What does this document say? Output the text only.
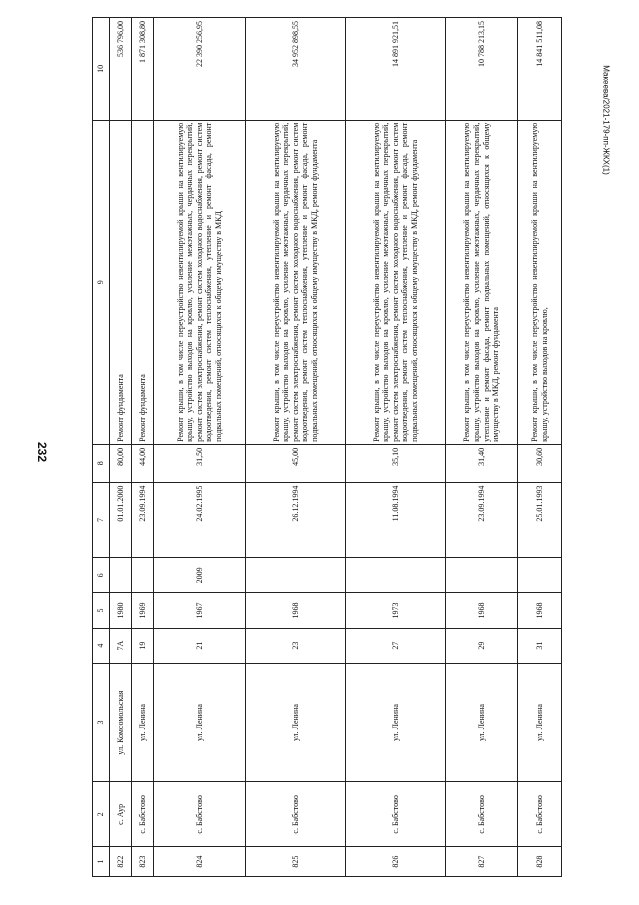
232
Макеева/2021-179-пп-ЖКХ(1)
1	2	3	4	5	6	7	8	9	10
822	с. Аур	ул. Комсомольская	7А	1980		01.01.2000	80,00	Ремонт фундамента	536 796,00
823	с. Бабстово	ул. Ленина	19	1969		23.09.1994	44,00	Ремонт фундамента	1 871 308,80
824	с. Бабстово	ул. Ленина	21	1967	2009	24.02.1995	31,50	Ремонт крыши, в том числе переустройство невентилируемой крыши на вентилируемую крышу, устройство выходов на кровлю, усиление межэтажных, чердачных перекрытий, ремонт систем электроснабжения, ремонт систем холодного водоснабжения, ремонт систем водоотведения, ремонт систем теплоснабжения, утепление и ремонт фасада, ремонт подвальных помещений, относящихся к общему имуществу в МКД	22 390 256,95
825	с. Бабстово	ул. Ленина	23	1968		26.12.1994	45,00	Ремонт крыши, в том числе переустройство невентилируемой крыши на вентилируемую крышу, устройство выходов на кровлю, усиление межэтажных, чердачных перекрытий, ремонт систем электроснабжения, ремонт систем холодного водоснабжения, ремонт систем водоотведения, ремонт систем теплоснабжения, утепление и ремонт фасада, ремонт подвальных помещений, относящихся к общему имуществу в МКД, ремонт фундамента	34 952 898,55
826	с. Бабстово	ул. Ленина	27	1973		11.08.1994	35,10	Ремонт крыши, в том числе переустройство невентилируемой крыши на вентилируемую крышу, устройство выходов на кровлю, усиление межэтажных, чердачных перекрытий, ремонт систем электроснабжения, ремонт систем холодного водоснабжения, ремонт систем водоотведения, ремонт систем теплоснабжения, утепление и ремонт фасада, ремонт подвальных помещений, относящихся к общему имуществу в МКД, ремонт фундамента	14 891 921,51
827	с. Бабстово	ул. Ленина	29	1968		23.09.1994	31,40	Ремонт крыши, в том числе переустройство невентилируемой крыши на вентилируемую крышу, устройство выходов на кровлю, усиление межэтажных, чердачных перекрытий, утепление и ремонт фасада, ремонт подвальных помещений, относящихся к общему имуществу в МКД, ремонт фундамента	10 788 213,15
828	с. Бабстово	ул. Ленина	31	1968		25.01.1993	30,60	Ремонт крыши, в том числе переустройство невентилируемой крыши на вентилируемую крышу, устройство выходов на кровлю,	14 841 511,08
